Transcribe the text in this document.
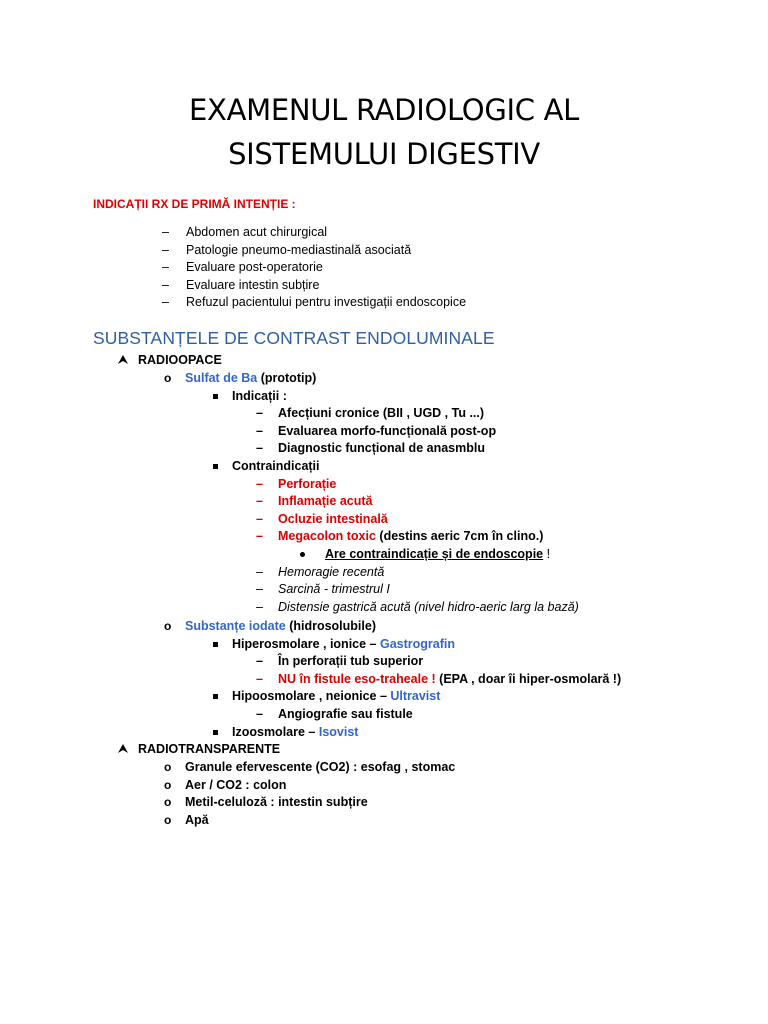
EXAMENUL RADIOLOGIC AL
SISTEMULUI DIGESTIV
INDICAȚII RX DE PRIMĂ INTENȚIE :
–	Abdomen acut chirurgical
–	Patologie pneumo-mediastinală asociată
–	Evaluare post-operatorie
–	Evaluare intestin subțire
–	Refuzul pacientului pentru investigații endoscopice
SUBSTANȚELE DE CONTRAST ENDOLUMINALE
RADIOOPACE
o Sulfat de Ba (prototip)
Indicații :
–	Afecțiuni cronice (BII , UGD , Tu ...)
–	Evaluarea morfo-funcțională post-op
–	Diagnostic funcțional de anasmblu
Contraindicații
–	Perforație
–	Inflamație acută
–	Ocluzie intestinală
–	Megacolon toxic (destins aeric 7cm în clino.)
Are contraindicație și de endoscopie !
–	Hemoragie recentă
–	Sarcină - trimestrul I
–	Distensie gastrică acută (nivel hidro-aeric larg la bază)
o Substanțe iodate (hidrosolubile)
Hiperosmolare , ionice – Gastrografin
–	În perforații tub superior
–	NU în fistule eso-traheale ! (EPA , doar îi hiper-osmolară !)
Hipoosmolare , neionice – Ultravist
–	Angiografie sau fistule
Izoosmolare – Isovist
RADIOTRANSPARENTE
o Granule efervescente (CO2) : esofag , stomac
o Aer / CO2 : colon
o Metil-celuloză : intestin subțire
o Apă
